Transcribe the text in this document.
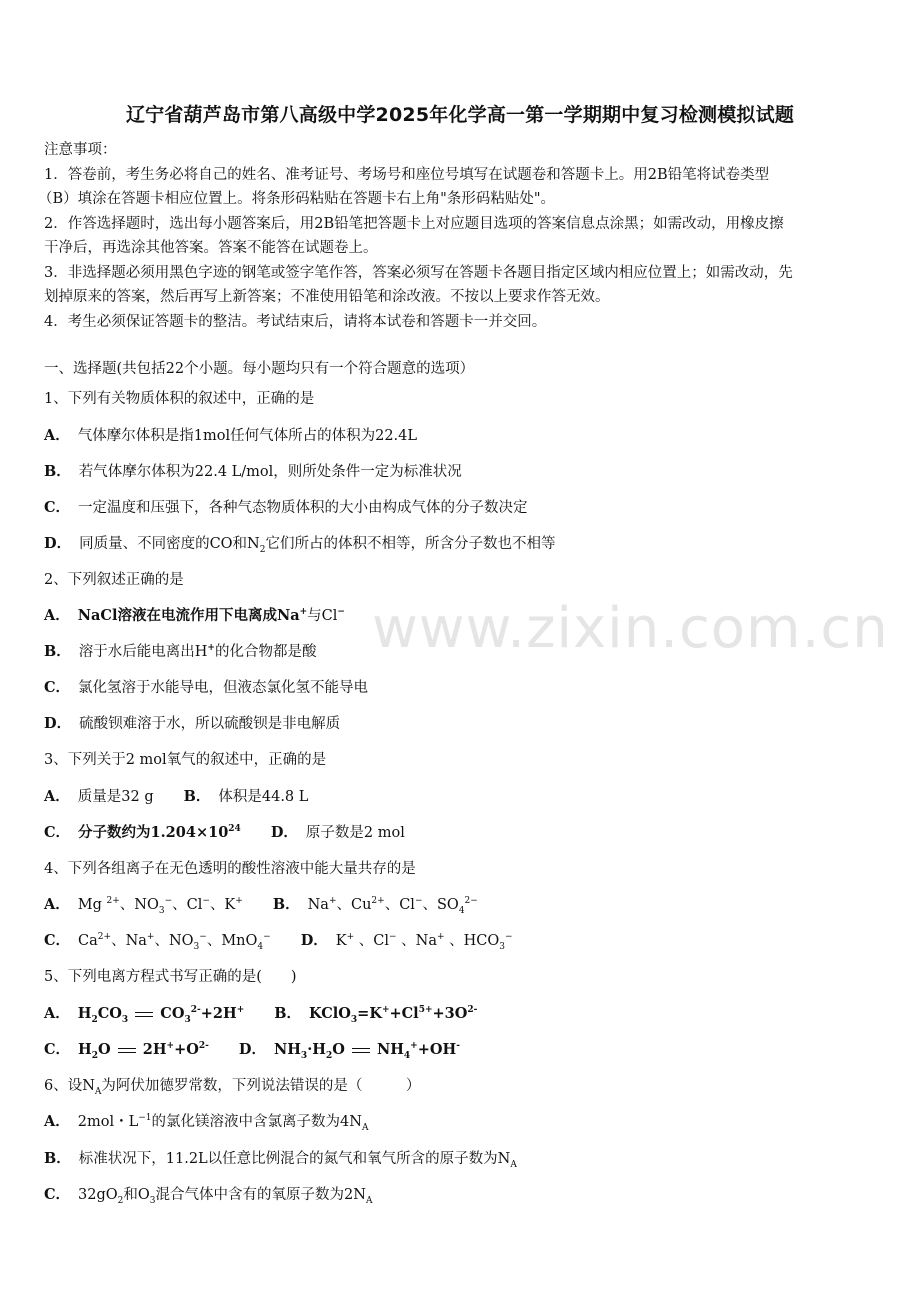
www.zixin.com.cn
辽宁省葫芦岛市第八高级中学2025年化学高一第一学期期中复习检测模拟试题
注意事项：
1．答卷前，考生务必将自己的姓名、准考证号、考场号和座位号填写在试题卷和答题卡上。用2B铅笔将试卷类型
（B）填涂在答题卡相应位置上。将条形码粘贴在答题卡右上角"条形码粘贴处"。
2．作答选择题时，选出每小题答案后，用2B铅笔把答题卡上对应题目选项的答案信息点涂黑；如需改动，用橡皮擦
干净后，再选涂其他答案。答案不能答在试题卷上。
3．非选择题必须用黑色字迹的钢笔或签字笔作答，答案必须写在答题卡各题目指定区域内相应位置上；如需改动，先
划掉原来的答案，然后再写上新答案；不准使用铅笔和涂改液。不按以上要求作答无效。
4．考生必须保证答题卡的整洁。考试结束后，请将本试卷和答题卡一并交回。
一、选择题(共包括22个小题。每小题均只有一个符合题意的选项）
1、下列有关物质体积的叙述中，正确的是
A． 气体摩尔体积是指1mol任何气体所占的体积为22.4L
B． 若气体摩尔体积为22.4 L/mol，则所处条件一定为标准状况
C． 一定温度和压强下，各种气态物质体积的大小由构成气体的分子数决定
D． 同质量、不同密度的CO和$N_2$它们所占的体积不相等，所含分子数也不相等
2、下列叙述正确的是
A． NaCl溶液在电流作用下电离成Na+与Cl−
B． 溶于水后能电离出H+的化合物都是酸
C． 氯化氢溶于水能导电，但液态氯化氢不能导电
D． 硫酸钡难溶于水，所以硫酸钡是非电解质
3、下列关于2 mol氧气的叙述中，正确的是
A． 质量是32 g B． 体积是44.8 L
C． 分子数约为$1.204\times 10^{24}$ D． 原子数是2 mol
4、下列各组离子在无色透明的酸性溶液中能大量共存的是
A． Mg $^{2+}$、$NO_3^-$、Cl−、K+ B． Na+、$Cu^{2+}$、Cl−、$SO_4^{2-}$
C． $Ca^{2+}$、Na+、$NO_3^-$、MnO$_4$− D． K+ 、Cl− 、Na+ 、$HCO_3^-$
5、下列电离方程式书写正确的是(　　)
A． $H_2CO_3$  $CO_3^{2-}+2H^+$ B． $KClO_3=K^++Cl^{5+}+3O^{2-}$
C． $H_2O$  $2H^++O^{2-}$ D． $NH_3\cdot H_2O$  $NH_4^++OH^-$
6、设$N_A$为阿伏加德罗常数，下列说法错误的是（　　　）
A． 2mol・$L^{-1}$的氯化镁溶液中含氯离子数为$4N_A$
B． 标准状况下，11.2L以任意比例混合的氮气和氧气所含的原子数为$N_A$
C． $32gO_2$和$O_3$混合气体中含有的氧原子数为$2N_A$
